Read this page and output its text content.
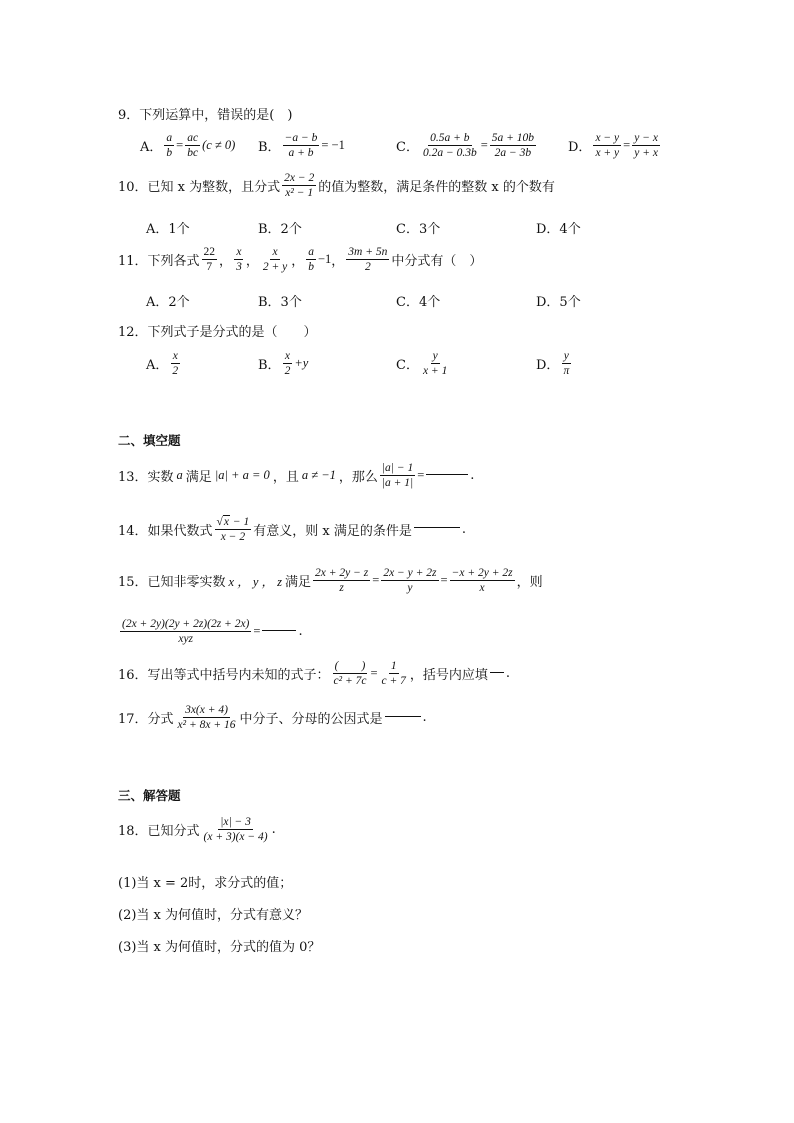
9．下列运算中，错误的是(　)
A． $\frac{a}{b} = \frac{ac}{bc} (c \ne 0)$ B． $\frac{-a - b}{a + b} = -1$	C． $\frac{0.5a + b}{0.2a - 0.3b} = \frac{5a + 10b}{2a - 3b}$ D． $\frac{x - y}{x + y} = \frac{y - x}{y + x}$
10．已知 x 为整数，且分式 $\frac{2x - 2}{\text{x² − 1}}$ 的值为整数，满足条件的整数 x 的个数有
A．1个	B．2个	C．3个	D．4个
11．下列各式 $\frac{22}{7}$ ， $\frac{x}{3}$ ， $\frac{x}{2 + y}$ ， $\frac{a}{b} -1$ ， $\frac{3m + 5n}{2}$ 中分式有（　）
A．2个	B．3个	C．4个	D．5个
12．下列式子是分式的是（　　）
A． $\frac{x}{2}$	B． $\frac{x}{2} +y$	C． $\frac{y}{x + 1}$	D． $\frac{y}{\pi}$
二、填空题
13．实数 a 满足 |a| + a = 0 ，且 a ≠ −1 ，那么 $\frac{|a| - 1}{|a + 1|}$ =	.
14．如果代数式 $\frac{√ x - 1}{x - 2}$ 有意义，则 x 满足的条件是	.
15．已知非零实数 x ， y ， z 满足 $\frac{2x + 2y - z}{z} = \frac{2x - y + 2z}{y} = \frac{-x + 2y + 2z}{x}$ ，则
$\frac{(2x + 2y)(2y + 2z)(2z + 2x)}{\text{xyz}}$ =	.
16．写出等式中括号内未知的式子： $\frac{( )}{\text{c² + 7c}} = \frac{1}{c + 7}$ ，括号内应填 .
17．分式 $\frac{3x(x + 4)}{\text{x² + 8x + 16}}$ 中分子、分母的公因式是	.
三、解答题
18．已知分式 $\frac{|x| - 3}{(x + 3)(x - 4)}$ .
(1)当 x = 2时，求分式的值；
(2)当 x 为何值时，分式有意义？
(3)当 x 为何值时，分式的值为 0？
